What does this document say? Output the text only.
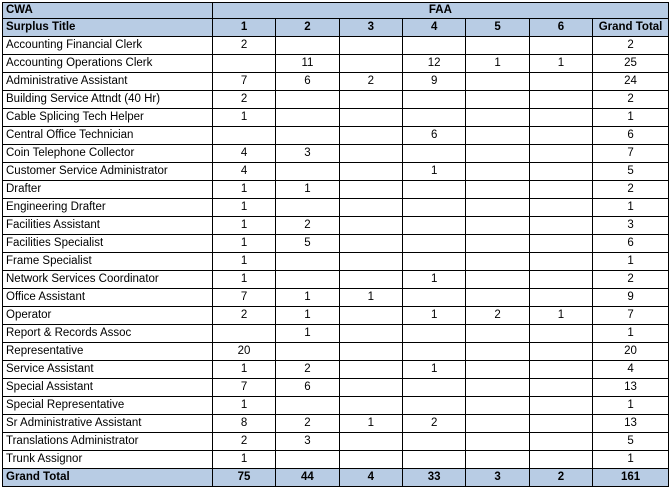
CWA	FAA						
Surplus Title	1	2	3	4	5	6	Grand Total
Accounting Financial Clerk	2						2
Accounting Operations Clerk		11		12	1	1	25
Administrative Assistant	7	6	2	9			24
Building Service Attndt (40 Hr)	2						2
Cable Splicing Tech Helper	1						1
Central Office Technician				6			6
Coin Telephone Collector	4	3					7
Customer Service Administrator	4			1			5
Drafter	1	1					2
Engineering Drafter	1						1
Facilities Assistant	1	2					3
Facilities Specialist	1	5					6
Frame Specialist	1						1
Network Services Coordinator	1			1			2
Office Assistant	7	1	1				9
Operator	2	1		1	2	1	7
Report & Records Assoc		1					1
Representative	20						20
Service Assistant	1	2		1			4
Special Assistant	7	6					13
Special Representative	1						1
Sr Administrative Assistant	8	2	1	2			13
Translations Administrator	2	3					5
Trunk Assignor	1						1
Grand Total	75	44	4	33	3	2	161
